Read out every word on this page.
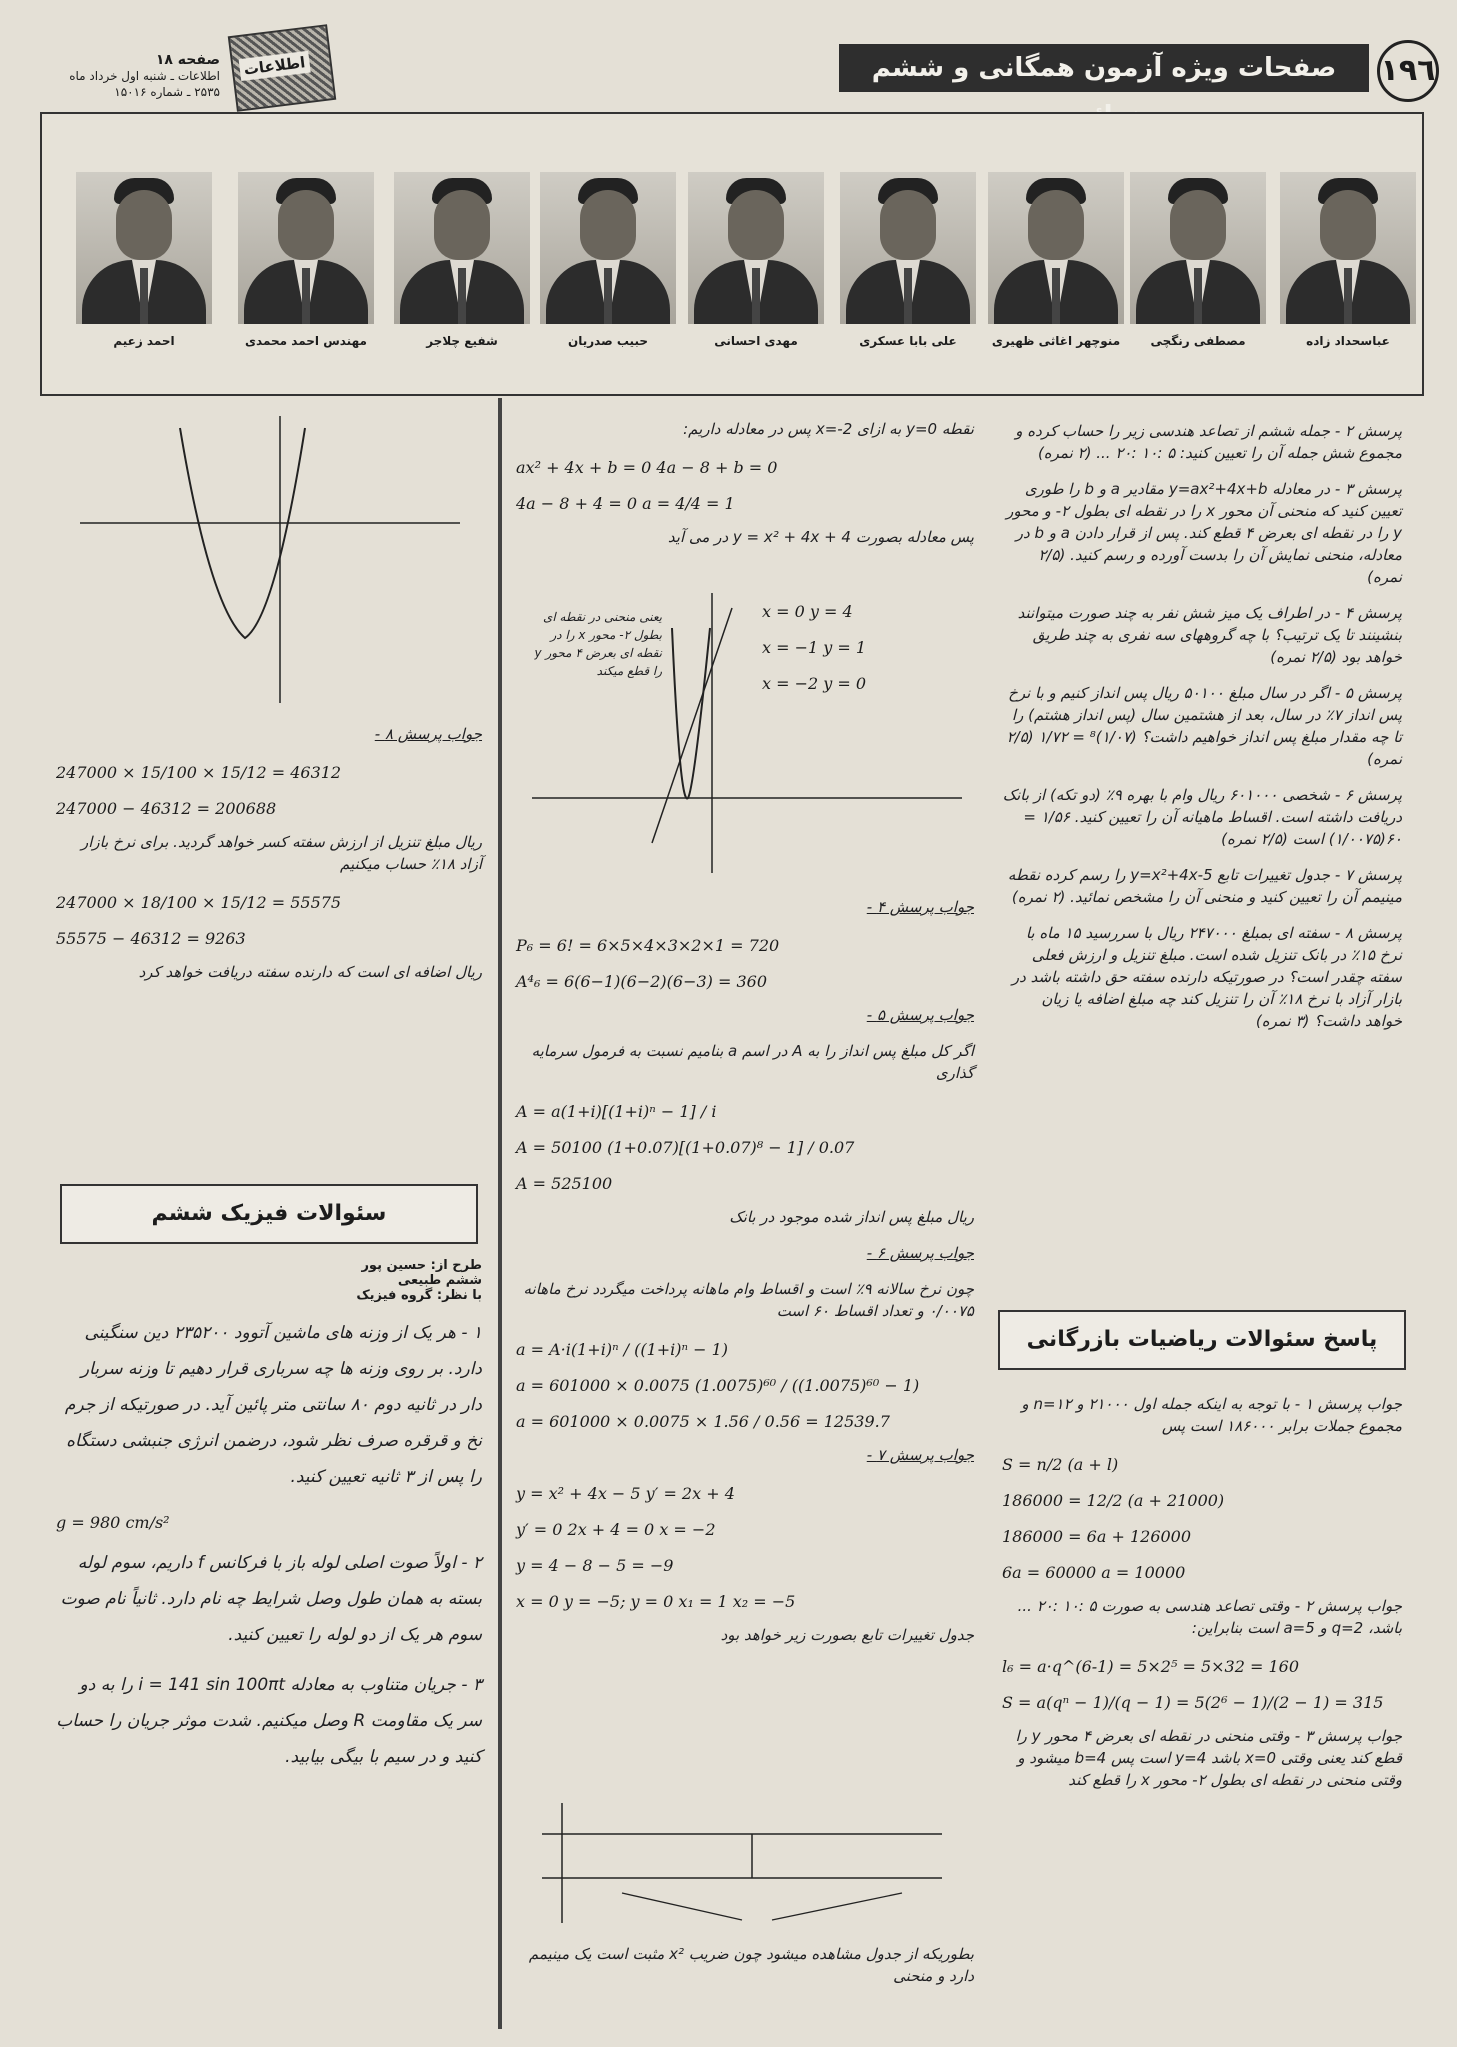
١٩٦
صفحات ویژه آزمون همگانی و ششم
اطلاعات
صفحه ۱۸
اطلاعات ـ شنبه اول خرداد ماه
۲۵۳۵ ـ شماره ۱۵۰۱۶
عباسحداد زاده
مصطفی رنگچی
منوچهر اغاثی ظهیری
علی بابا عسکری
مهدی احسانی
حبیب صدریان
شفیع چلاجر
مهندس احمد محمدی
احمد زعیم

پرسش ۲ - جمله ششم از تصاعد هندسی زیر را حساب کرده و مجموع شش جمله آن را تعیین کنید: ۵ :۱۰ :۲۰ ... (۲ نمره)

پرسش ۳ - در معادله y=ax²+4x+b مقادیر a و b را طوری تعیین کنید که منحنی آن محور x را در نقطه ای بطول ۲- و محور y را در نقطه ای بعرض ۴ قطع کند. پس از قرار دادن a و b در معادله، منحنی نمایش آن را بدست آورده و رسم کنید. (۲/۵ نمره)

پرسش ۴ - در اطراف یک میز شش نفر به چند صورت میتوانند بنشینند تا یک ترتیب؟ با چه گروههای سه نفری به چند طریق خواهد بود (۲/۵ نمره)

پرسش ۵ - اگر در سال مبلغ ۵۰۱۰۰ ریال پس انداز کنیم و با نرخ پس انداز ۷٪ در سال، بعد از هشتمین سال (پس انداز هشتم) را تا چه مقدار مبلغ پس انداز خواهیم داشت؟ (۱/۰۷)⁸ = ۱/۷۲ (۲/۵ نمره)

پرسش ۶ - شخصی ۶۰۱۰۰۰ ریال وام با بهره ۹٪ (دو تکه) از بانک دریافت داشته است. اقساط ماهیانه آن را تعیین کنید. ۱/۵۶ = ۶۰(۱/۰۰۷۵) است (۲/۵ نمره)

پرسش ۷ - جدول تغییرات تابع y=x²+4x-5 را رسم کرده نقطه مینیمم آن را تعیین کنید و منحنی آن را مشخص نمائید. (۲ نمره)

پرسش ۸ - سفته ای بمبلغ ۲۴۷۰۰۰ ریال با سررسید ۱۵ ماه با نرخ ۱۵٪ در بانک تنزیل شده است. مبلغ تنزیل و ارزش فعلی سفته چقدر است؟ در صورتیکه دارنده سفته حق داشته باشد در بازار آزاد با نرخ ۱۸٪ آن را تنزیل کند چه مبلغ اضافه یا زیان خواهد داشت؟ (۳ نمره)

پاسخ سئوالات ریاضیات بازرگانی

جواب پرسش ۱ - با توجه به اینکه جمله اول ۲۱۰۰۰ و n=۱۲ و مجموع جملات برابر ۱۸۶۰۰۰ است پس

S = n/2 (a + l)

186000 = 12/2 (a + 21000)

186000 = 6a + 126000

6a = 60000 a = 10000

جواب پرسش ۲ - وقتی تصاعد هندسی به صورت ۵ :۱۰ :۲۰ ... باشد، q=2 و a=5 است بنابراین:

l₆ = a·q^(6-1) = 5×2⁵ = 5×32 = 160

S = a(qⁿ − 1)/(q − 1) = 5(2⁶ − 1)/(2 − 1) = 315

جواب پرسش ۳ - وقتی منحنی در نقطه ای بعرض ۴ محور y را قطع کند یعنی وقتی x=0 باشد y=4 است پس b=4 میشود و وقتی منحنی در نقطه ای بطول ۲- محور x را قطع کند

نقطه y=0 به ازای x=-2 پس در معادله داریم:

ax² + 4x + b = 0 4a − 8 + b = 0

4a − 8 + 4 = 0 a = 4/4 = 1

پس معادله بصورت y = x² + 4x + 4 در می آید

x = 0 y = 4
x = −1 y = 1
x = −2 y = 0
یعنی منحنی در نقطه ای بطول ۲- محور x را در نقطه ای بعرض ۴ محور y را قطع میکند

جواب پرسش ۴ -

P₆ = 6! = 6×5×4×3×2×1 = 720

A⁴₆ = 6(6−1)(6−2)(6−3) = 360

جواب پرسش ۵ -

اگر کل مبلغ پس انداز را به A در اسم a بنامیم نسبت به فرمول سرمایه گذاری

A = a(1+i)[(1+i)ⁿ − 1] / i

A = 50100 (1+0.07)[(1+0.07)⁸ − 1] / 0.07

A = 525100

ریال مبلغ پس انداز شده موجود در بانک

جواب پرسش ۶ -

چون نرخ سالانه ۹٪ است و اقساط وام ماهانه پرداخت میگردد نرخ ماهانه ۰/۰۰۷۵ و تعداد اقساط ۶۰ است

a = A·i(1+i)ⁿ / ((1+i)ⁿ − 1)

a = 601000 × 0.0075 (1.0075)⁶⁰ / ((1.0075)⁶⁰ − 1)

a = 601000 × 0.0075 × 1.56 / 0.56 = 12539.7

جواب پرسش ۷ -

y = x² + 4x − 5 y′ = 2x + 4

y′ = 0 2x + 4 = 0 x = −2

y = 4 − 8 − 5 = −9

x = 0 y = −5; y = 0 x₁ = 1 x₂ = −5

جدول تغییرات تابع بصورت زیر خواهد بود

بطوریکه از جدول مشاهده میشود چون ضریب x² مثبت است یک مینیمم دارد و منحنی

جواب پرسش ۸ -

247000 × 15/100 × 15/12 = 46312

247000 − 46312 = 200688

ریال مبلغ تنزیل از ارزش سفته کسر خواهد گردید. برای نرخ بازار آزاد ۱۸٪ حساب میکنیم

247000 × 18/100 × 15/12 = 55575

55575 − 46312 = 9263

ریال اضافه ای است که دارنده سفته دریافت خواهد کرد

سئوالات فیزیک ششم
طرح از: حسین پور
ششم طبیعی
با نظر: گروه فیزیک

۱ - هر یک از وزنه های ماشین آتوود ۲۳۵۲۰۰ دین سنگینی دارد. بر روی وزنه ها چه سرباری قرار دهیم تا وزنه سربار دار در ثانیه دوم ۸۰ سانتی متر پائین آید. در صورتیکه از جرم نخ و قرقره صرف نظر شود، درضمن انرژی جنبشی دستگاه را پس از ۳ ثانیه تعیین کنید.

g = 980 cm/s²

۲ - اولاً صوت اصلی لوله باز با فرکانس f داریم، سوم لوله بسته به همان طول وصل شرایط چه نام دارد. ثانیاً نام صوت سوم هر یک از دو لوله را تعیین کنید.

۳ - جریان متناوب به معادله i = 141 sin 100πt را به دو سر یک مقاومت R وصل میکنیم. شدت موثر جریان را حساب کنید و در سیم با بیگی بیابید.
